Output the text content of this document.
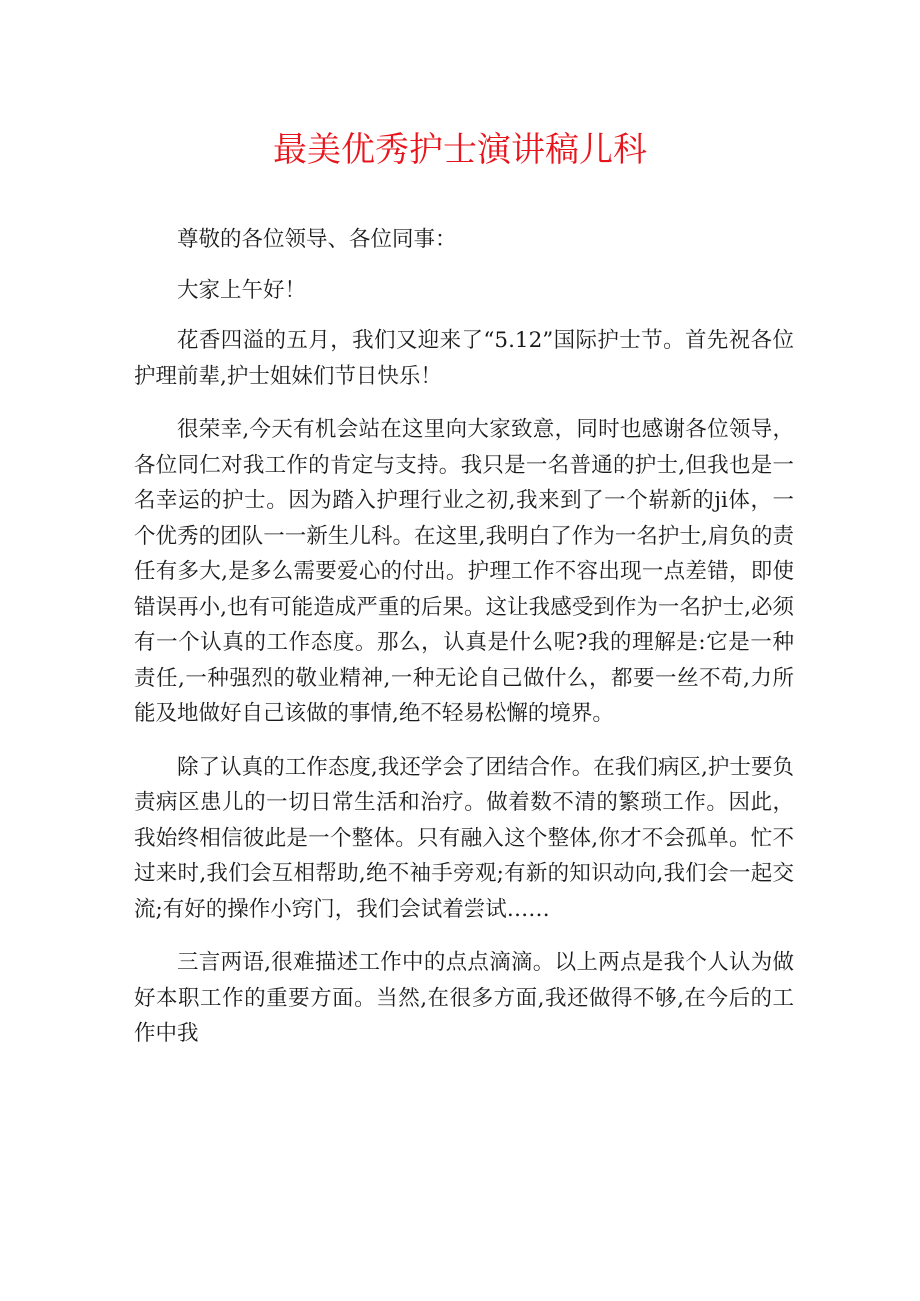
最美优秀护士演讲稿儿科

尊敬的各位领导、各位同事：

大家上午好！

花香四溢的五月，我们又迎来了“5.12”国际护士节。首先祝各位护理前辈,护士姐妹们节日快乐！

很荣幸,今天有机会站在这里向大家致意，同时也感谢各位领导，各位同仁对我工作的肯定与支持。我只是一名普通的护士,但我也是一名幸运的护士。因为踏入护理行业之初,我来到了一个崭新的ji体，一个优秀的团队一一新生儿科。在这里,我明白了作为一名护士,肩负的责任有多大,是多么需要爱心的付出。护理工作不容出现一点差错，即使错误再小,也有可能造成严重的后果。这让我感受到作为一名护士,必须有一个认真的工作态度。那么，认真是什么呢?我的理解是:它是一种责任,一种强烈的敬业精神,一种无论自己做什么，都要一丝不苟,力所能及地做好自己该做的事情,绝不轻易松懈的境界。

除了认真的工作态度,我还学会了团结合作。在我们病区,护士要负责病区患儿的一切日常生活和治疗。做着数不清的繁琐工作。因此，我始终相信彼此是一个整体。只有融入这个整体,你才不会孤单。忙不过来时,我们会互相帮助,绝不袖手旁观;有新的知识动向,我们会一起交流;有好的操作小窍门，我们会试着尝试……

三言两语,很难描述工作中的点点滴滴。以上两点是我个人认为做好本职工作的重要方面。当然,在很多方面,我还做得不够,在今后的工作中我
